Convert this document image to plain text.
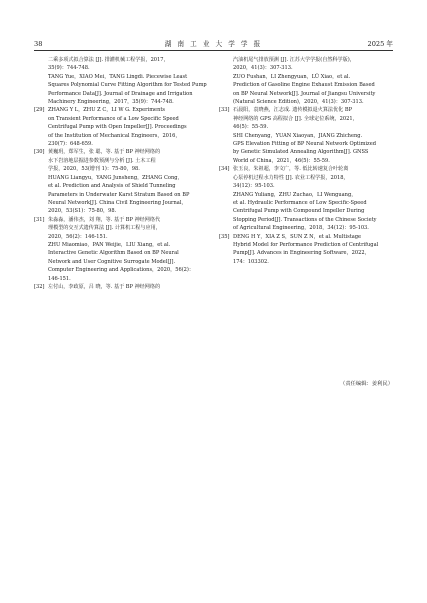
38	湖 南 工 业 大 学 学 报	2025 年
二乘多项式拟合算法 [J]. 排灌机械工程学报，2017，
35(9)：744-748.
TANG Yue，XIAO Mei，TANG Lingdi. Piecewise Least
Squares Polynomial Curve Fitting Algorithm for Tested Pump
Performance Data[J]. Journal of Drainage and Irrigation
Machinery Engineering，2017，35(9)：744-748.
[29] ZHANG Y L，ZHU Z C，LI W G. Experiments
on Transient Performance of a Low Specific Speed
Centrifugal Pump with Open Impeller[J]. Proceedings
of the Institution of Mechanical Engineers，2016，
230(7)：648-659.
[30] 黄巍玥，郑军生，张 聪，等. 基于 BP 神经网络的
水下岩溶地层掘进参数预测与分析 [J]. 土木工程
学报，2020，53(增刊 1)：75-80，98.
HUANG Liangyu，YANG Junsheng，ZHANG Cong，
et al. Prediction and Analysis of Shield Tunneling
Parameters in Underwater Karst Stratum Based on BP
Neural Network[J]. China Civil Engineering Journal，
2020，53(S1)：75-80，98.
[31] 朱淼淼，潘伟杰，刘 翔，等. 基于 BP 神经网络代
理模型的交互式遗传算法 [J]. 计算机工程与应用，
2020，56(2)：146-151.
ZHU Miaomiao，PAN Weijie，LIU Xiang，et al.
Interactive Genetic Algorithm Based on BP Neural
Network and User Cognitive Surrogate Model[J].
Computer Engineering and Applications，2020，56(2)：
146-151.
[32] 左付山，李政原，吕 晓，等. 基于 BP 神经网络的
汽油机尾气排放预测 [J]. 江苏大学学报(自然科学版)，
2020，41(3)：307-313.
ZUO Fushan，LI Zhengyuan，LÜ Xiao，et al.
Prediction of Gasoline Engine Exhaust Emission Based
on BP Neural Network[J]. Journal of Jiangsu University
(Natural Science Edition)，2020，41(3)：307-313.
[33] 石晨阳，袁晓燕，江志成. 遗传模拟退火算法优化 BP
神经网络的 GPS 高程拟合 [J]. 全球定位系统，2021，
46(5)：55-59.
SHI Chenyang，YUAN Xiaoyan，JIANG Zhicheng.
GPS Elevation Fitting of BP Neural Network Optimized
by Genetic Simulated Annealing Algorithm[J]. GNSS
World of China，2021，46(5)：55-59.
[34] 张玉良，朱祖超，李文广，等. 低比转速复合叶轮离
心泵停机过程水力特性 [J]. 农业工程学报，2018，
34(12)：95-103.
ZHANG Yuliang，ZHU Zuchao，LI Wenguang，
et al. Hydraulic Performance of Low Specific-Speed
Centrifugal Pump with Compound Impeller During
Stopping Period[J]. Transactions of the Chinese Society
of Agricultural Engineering，2018，34(12)：95-103.
[35] DENG H Y，XIA Z S，SUN Z N，et al. Multistage
Hybrid Model for Performance Prediction of Centrifugal
Pump[J]. Advances in Engineering Software，2022，
174：103302.
（责任编辑：姜利民）
